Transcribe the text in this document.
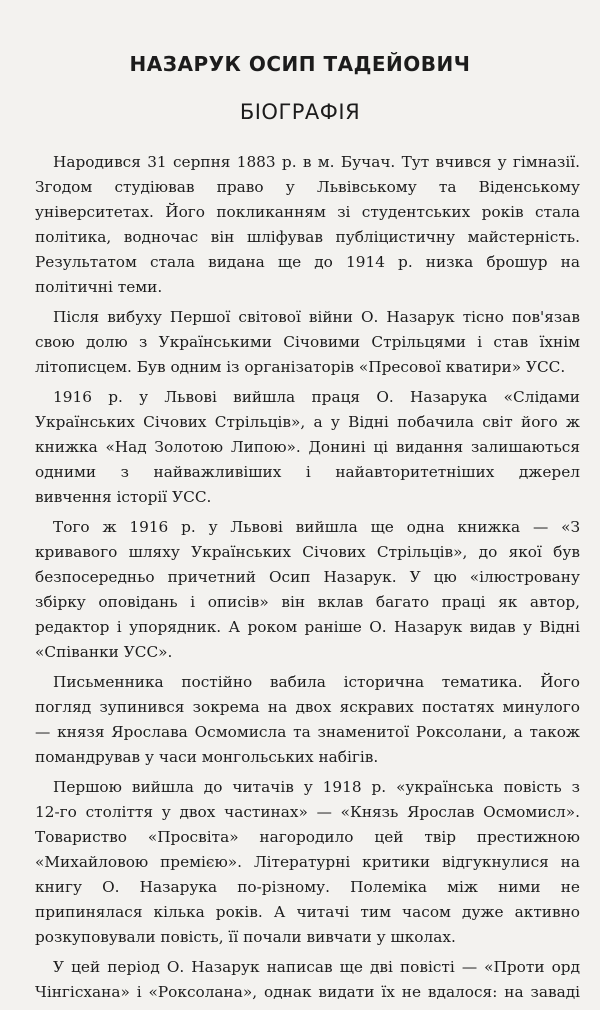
НАЗАРУК ОСИП ТАДЕЙОВИЧ
БІОГРАФІЯ

Народився 31 серпня 1883 р. в м. Бучач. Тут вчився у гімназії.
Згодом студіював право у Львівському та Віденському
університетах. Його покликанням зі студентських років стала
політика, водночас він шліфував публіцистичну майстерність.
Результатом стала видана ще до 1914 р. низка брошур на
політичні теми.

Після вибуху Першої світової війни О. Назарук тісно пов'язав
свою долю з Українськими Січовими Стрільцями і став їхнім
літописцем. Був одним із організаторів «Пресової кватири» УСС.

1916 р. у Львові вийшла праця О. Назарука «Слідами
Українських Січових Стрільців», а у Відні побачила світ його ж
книжка «Над Золотою Липою». Донині ці видання залишаються
одними з найважливіших і найавторитетніших джерел
вивчення історії УСС.

Того ж 1916 р. у Львові вийшла ще одна книжка — «З
кривавого шляху Українських Січових Стрільців», до якої був
безпосередньо причетний Осип Назарук. У цю «ілюстровану
збірку оповідань і описів» він вклав багато праці як автор,
редактор і упорядник. А роком раніше О. Назарук видав у Відні
«Співанки УСС».

Письменника постійно вабила історична тематика. Його
погляд зупинився зокрема на двох яскравих постатях минулого
— князя Ярослава Осмомисла та знаменитої Роксолани, а також
помандрував у часи монгольських набігів.

Першою вийшла до читачів у 1918 р. «українська повість з
12-го століття у двох частинах» — «Князь Ярослав Осмомисл».
Товариство «Просвіта» нагородило цей твір престижною
«Михайловою премією». Літературні критики відгукнулися на
книгу О. Назарука по-різному. Полеміка між ними не
припинялася кілька років. А читачі тим часом дуже активно
розкуповували повість, її почали вивчати у школах.

У цей період О. Назарук написав ще дві повісті — «Проти орд
Чінгісхана» і «Роксолана», однак видати їх не вдалося: на заваді
